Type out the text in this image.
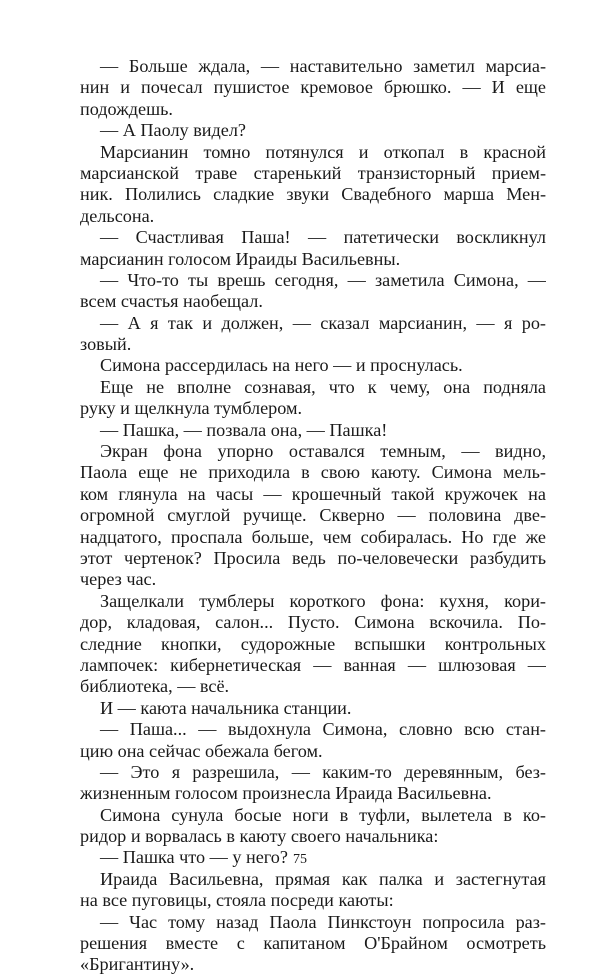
— Больше ждала, — наставительно заметил марсиа-
нин и почесал пушистое кремовое брюшко. — И еще
подождешь.
— А Паолу видел?
Марсианин томно потянулся и откопал в красной
марсианской траве старенький транзисторный прием-
ник. Полились сладкие звуки Свадебного марша Мен-
дельсона.
— Счастливая Паша! — патетически воскликнул
марсианин голосом Ираиды Васильевны.
— Что-то ты врешь сегодня, — заметила Симона, —
всем счастья наобещал.
— А я так и должен, — сказал марсианин, — я ро-
зовый.
Симона рассердилась на него — и проснулась.
Еще не вполне сознавая, что к чему, она подняла
руку и щелкнула тумблером.
— Пашка, — позвала она, — Пашка!
Экран фона упорно оставался темным, — видно,
Паола еще не приходила в свою каюту. Симона мель-
ком глянула на часы — крошечный такой кружочек на
огромной смуглой ручище. Скверно — половина две-
надцатого, проспала больше, чем собиралась. Но где же
этот чертенок? Просила ведь по-человечески разбудить
через час.
Защелкали тумблеры короткого фона: кухня, кори-
дор, кладовая, салон... Пусто. Симона вскочила. По-
следние кнопки, судорожные вспышки контрольных
лампочек: кибернетическая — ванная — шлюзовая —
библиотека, — всё.
И — каюта начальника станции.
— Паша... — выдохнула Симона, словно всю стан-
цию она сейчас обежала бегом.
— Это я разрешила, — каким-то деревянным, без-
жизненным голосом произнесла Ираида Васильевна.
Симона сунула босые ноги в туфли, вылетела в ко-
ридор и ворвалась в каюту своего начальника:
— Пашка что — у него?
Ираида Васильевна, прямая как палка и застегнутая
на все пуговицы, стояла посреди каюты:
— Час тому назад Паола Пинкстоун попросила раз-
решения вместе с капитаном О'Брайном осмотреть
«Бригантину».
75
